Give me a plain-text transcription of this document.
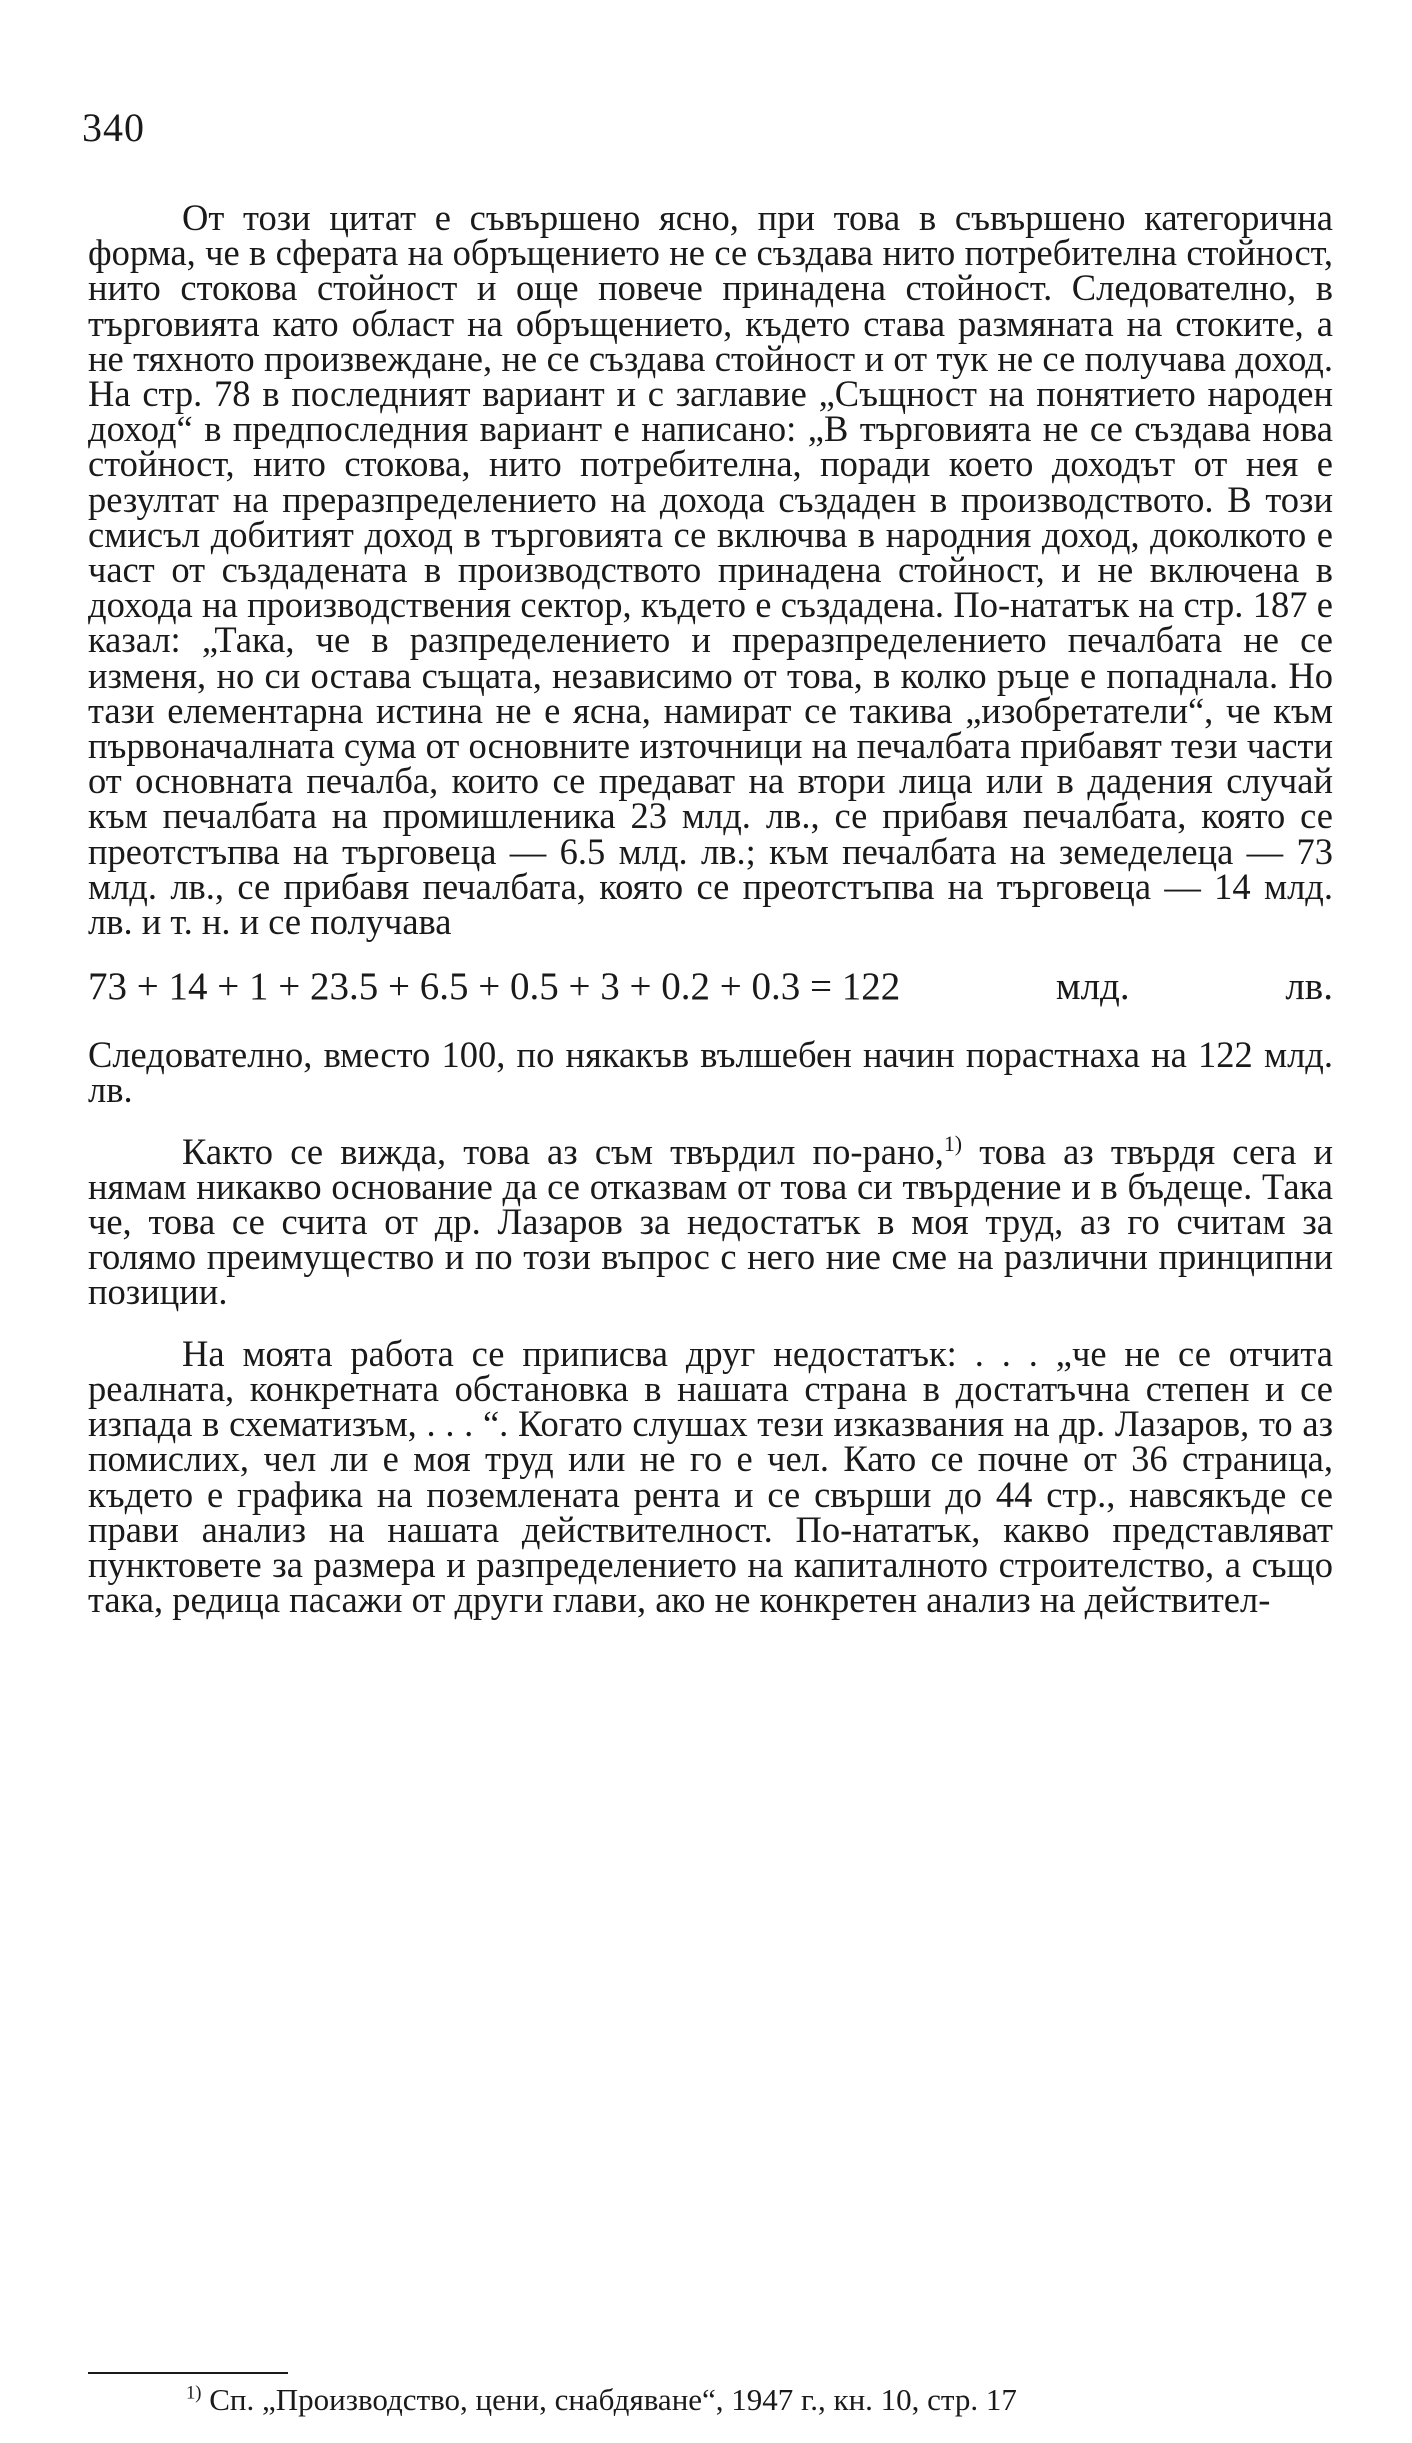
340

От този цитат е съвършено ясно, при това в съвършено категорична форма, че в сферата на обръщението не се създава нито потребителна стойност, нито стокова стойност и още повече принадена стойност. Следователно, в търговията като област на обръщението, където става размяната на стоките, а не тяхното произвеждане, не се създава стойност и от тук не се получава доход. На стр. 78 в последният вариант и с заглавие „Същност на понятието народен доход“ в предпоследния вариант е написано: „В търговията не се създава нова стойност, нито стокова, нито потребителна, поради което доходът от нея е резултат на преразпределението на дохода създаден в производството. В този смисъл добитият доход в търговията се включва в народния доход, доколкото е част от създадената в производството принадена стойност, и не включена в дохода на производствения сектор, където е създадена. По-нататък на стр. 187 е казал: „Така, че в разпределението и преразпределението печалбата не се изменя, но си остава същата, независимо от това, в колко ръце е попаднала. Но тази елементарна истина не е ясна, намират се такива „изобретатели“, че към първоначалната сума от основните източници на печалбата прибавят тези части от основната печалба, които се предават на втори лица или в дадения случай към печалбата на промишленика 23 млд. лв., се прибавя печалбата, която се преотстъпва на търговеца — 6.5 млд. лв.; към печалбата на земеделеца — 73 млд. лв., се прибавя печалбата, която се преотстъпва на търговеца — 14 млд. лв. и т. н. и се получава

73 + 14 + 1 + 23.5 + 6.5 + 0.5 + 3 + 0.2 + 0.3 = 122	млд.	лв.

Следователно, вместо 100, по някакъв вълшебен начин порастнаха на 122 млд. лв.

Както се вижда, това аз съм твърдил по-рано,$^{1)}$ това аз твърдя сега и нямам никакво основание да се отказвам от това си твърдение и в бъдеще. Така че, това се счита от др. Лазаров за недостатък в моя труд, аз го считам за голямо преимущество и по този въпрос с него ние сме на различни принципни позиции.

На моята работа се приписва друг недостатък: . . . „че не се отчита реалната, конкретната обстановка в нашата страна в достатъчна степен и се изпада в схематизъм, . . . “. Когато слушах тези изказвания на др. Лазаров, то аз помислих, чел ли е моя труд или не го е чел. Като се почне от 36 страница, където е графика на поземлената рента и се свърши до 44 стр., навсякъде се прави анализ на нашата действителност. По-нататък, какво представляват пунктовете за размера и разпределението на капиталното строителство, а също така, редица пасажи от други глави, ако не конкретен анализ на действител-

$^{1)}$ Сп. „Производство, цени, снабдяване“, 1947 г., кн. 10, стр. 17
